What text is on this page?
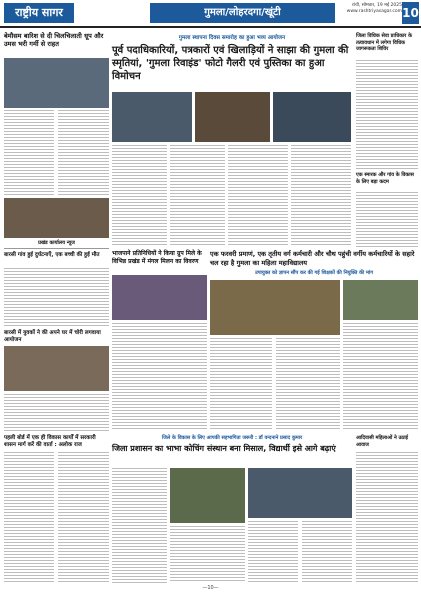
राष्ट्रीय सागर	गुमला/लोहरदगा/खूंटी
रांची, सोमवार, 19 मई 2025
www.rashtriyasagar.com 10
बेमौसम बारिश से दी चिलचिलाती धूप और उमस भरी गर्मी से राहत
प्रखंड कार्यालय न्यूज
बारसी गांव हुई दुर्घटनाएँ, एक बच्ची की हुई मौत
बारसी में युवकों ने की अपने घर में चोरी लगवाया आयोजन
पहली बोर्ड में एक ही विकास कार्यों में सरकारी शासन मार्ग करें की वार्ता : अलोक राज
गुमला स्थापना दिवस समारोह का हुआ भव्य आयोजन
पूर्व पदाधिकारियों, पत्रकारों एवं खिलाड़ियों ने साझा की गुमला की स्मृतियां, 'गुमला रिवाइंड' फोटो गैलरी एवं पुस्तिका का हुआ विमोचन
भाजपाने प्रतिनिधियों ने किया ग्रुप मिले के विभिन्न प्रखंड में मंगल मिलन का विवरण
एक फरवरी प्रमाणं, एक तृतीय वर्ग कर्मचारी और चौथ पहुंची वर्गीय कर्मचारियों के सहारे चल रहा है गुमला का महिला महाविद्यालय
उपायुक्त को ज्ञापन सौंप कर की गई शिक्षकों की नियुक्ति की मांग
जिले के विकास के लिए आपकी सहभागिता जरूरी : डॉ वन्दनाने प्रसाद कुमार
जिला प्रशासन का भाभा कोचिंग संस्थान बना मिसाल, विद्यार्थी इसे आगे बढ़ाएं
जिला विधिक सेवा प्राधिकार के तत्वावधान में लगेगा विधिक जागरूकता शिविर
एक स्मारक और गांव के विकास के लिए बड़ा कदम
आदिवासी महिलाओं ने उठाई आवाज
—10—
